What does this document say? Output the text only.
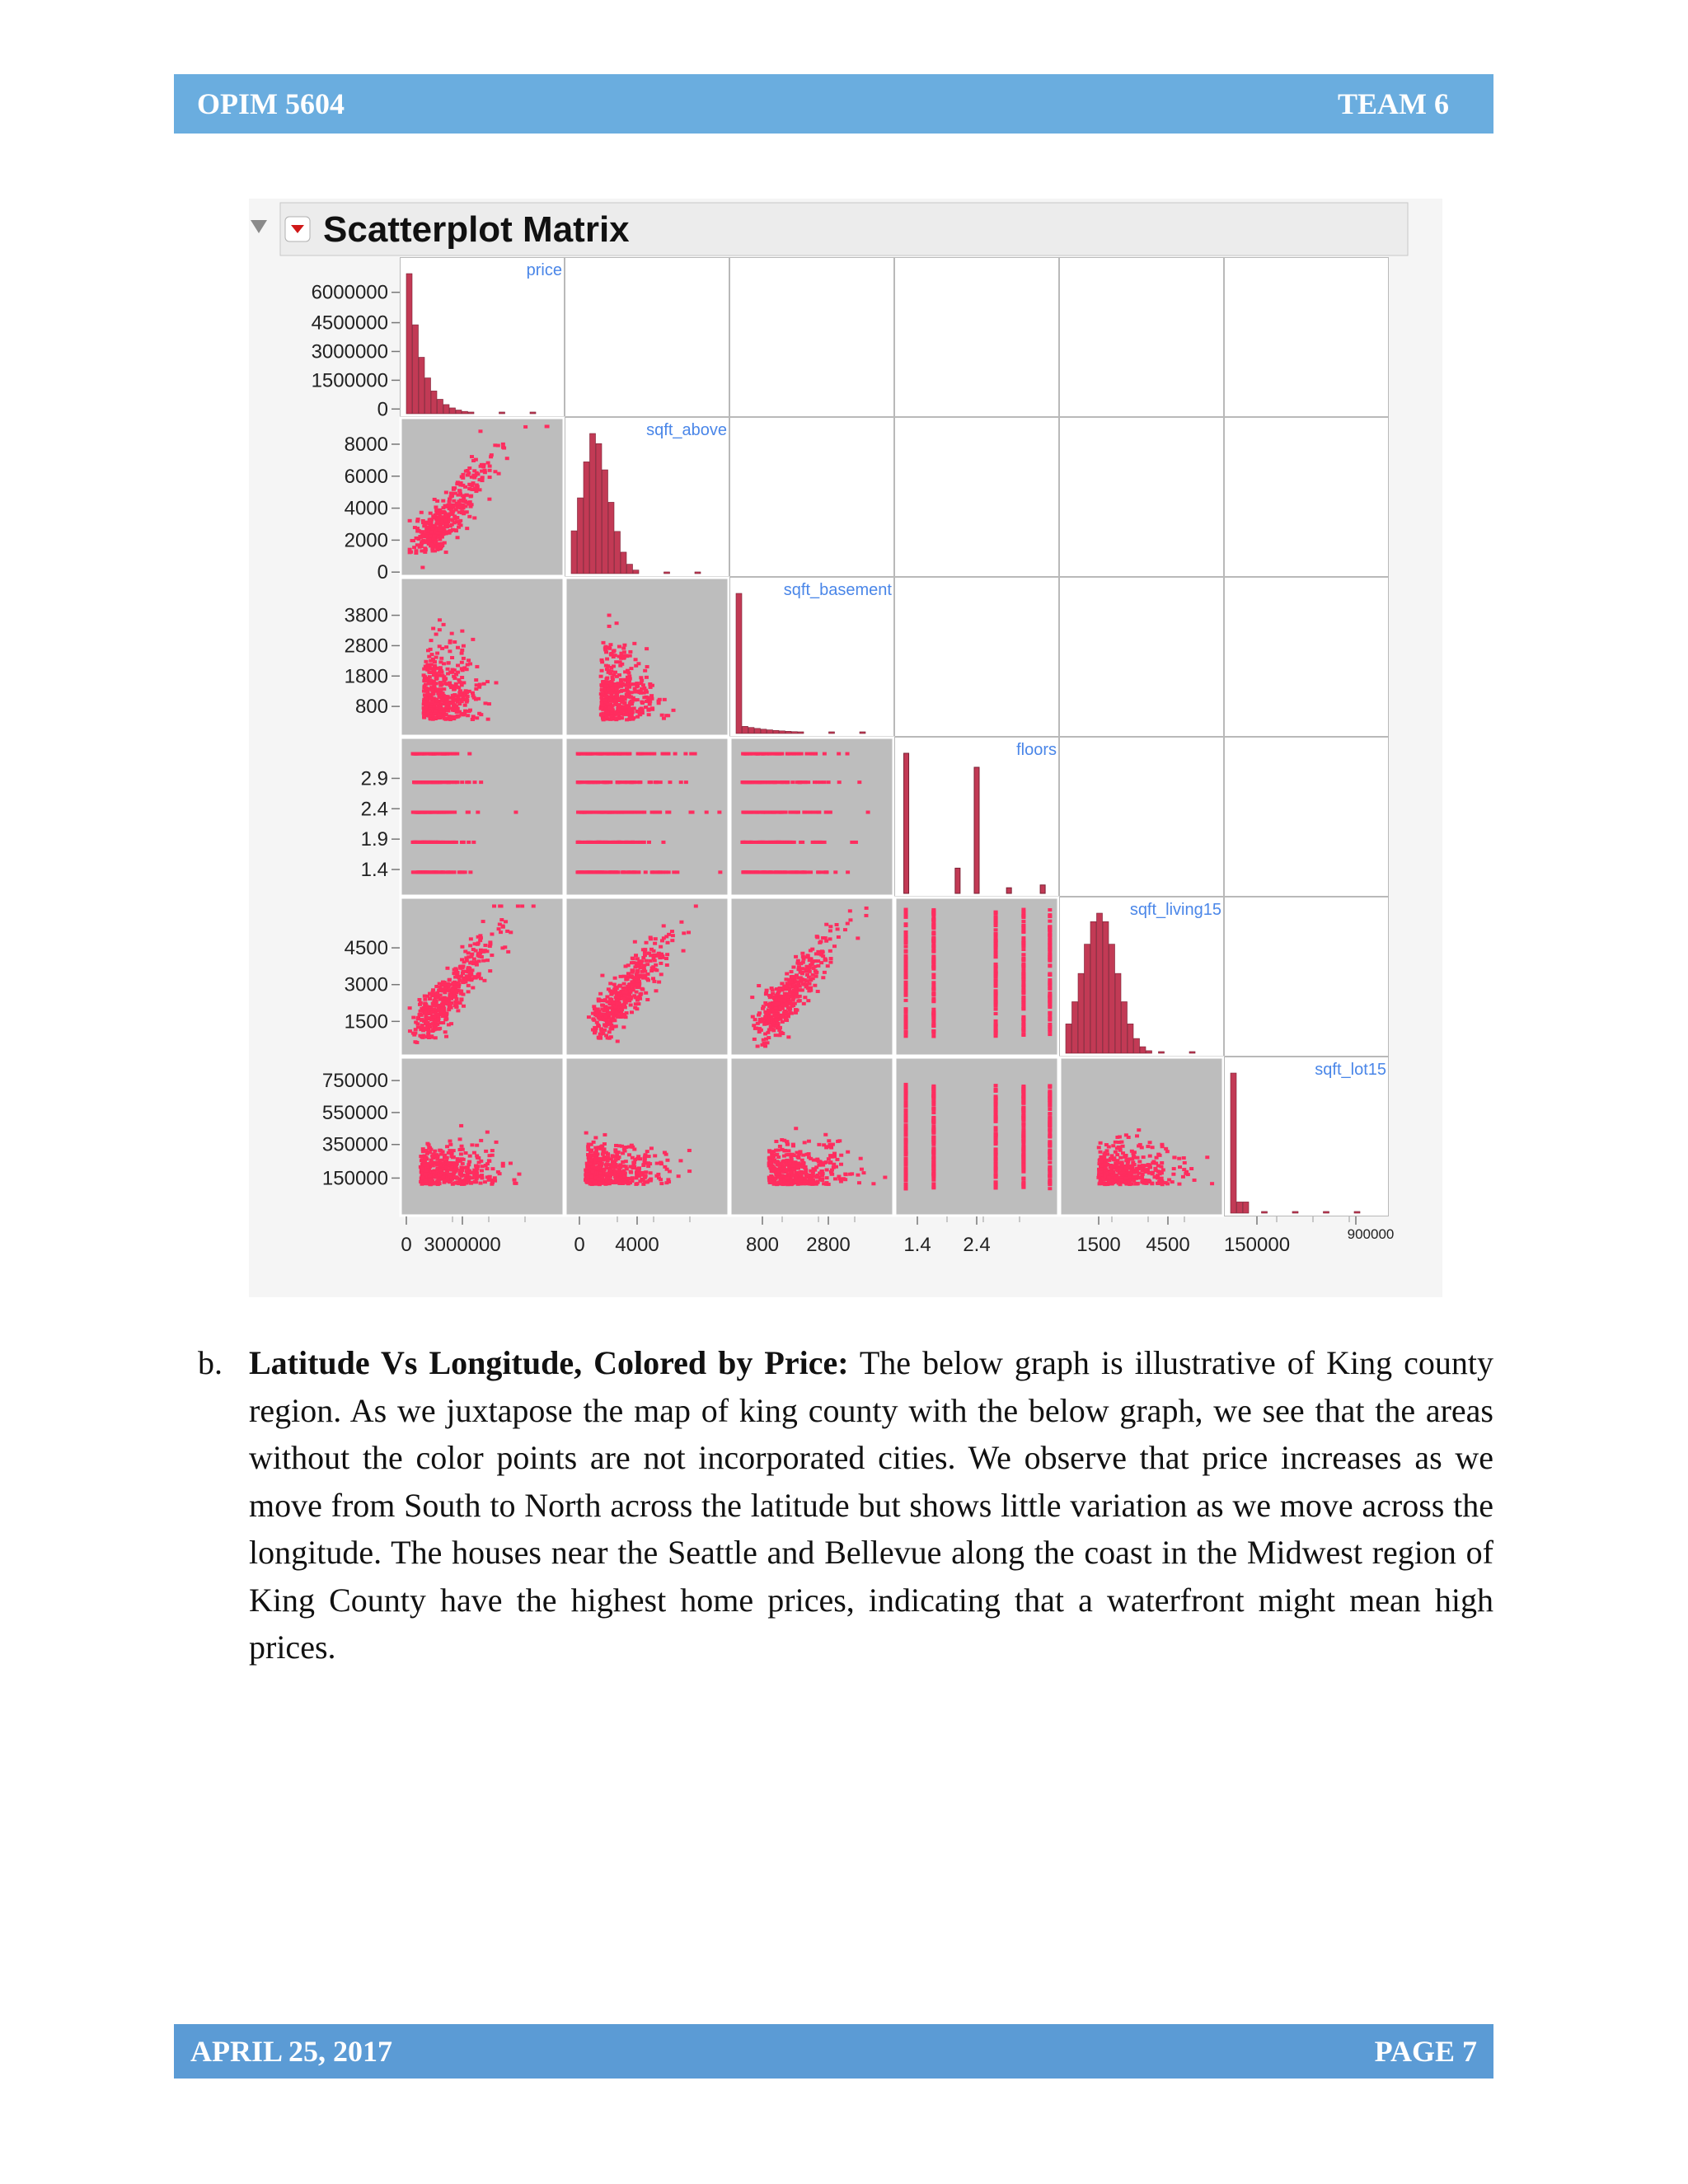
OPIM 5604	TEAM 6
Scatterplot Matrix
price
sqft_above
sqft_basement
floors
sqft_living15
sqft_lot15
6000000
4500000
3000000
1500000
0
8000
6000
4000
2000
0
3800
2800
1800
800
2.9
2.4
1.9
1.4
4500
3000
1500
750000
550000
350000
150000
0 3000000	0 4000	800 2800	1.4 2.4	1500 4500 150000	900000
b. Latitude Vs Longitude, Colored by Price: The below graph is illustrative of King county region. As we juxtapose the map of king county with the below graph, we see that the areas without the color points are not incorporated cities. We observe that price increases as we move from South to North across the latitude but shows little variation as we move across the longitude. The houses near the Seattle and Bellevue along the coast in the Midwest region of King County have the highest home prices, indicating that a waterfront might mean high prices.
APRIL 25, 2017	PAGE 7
